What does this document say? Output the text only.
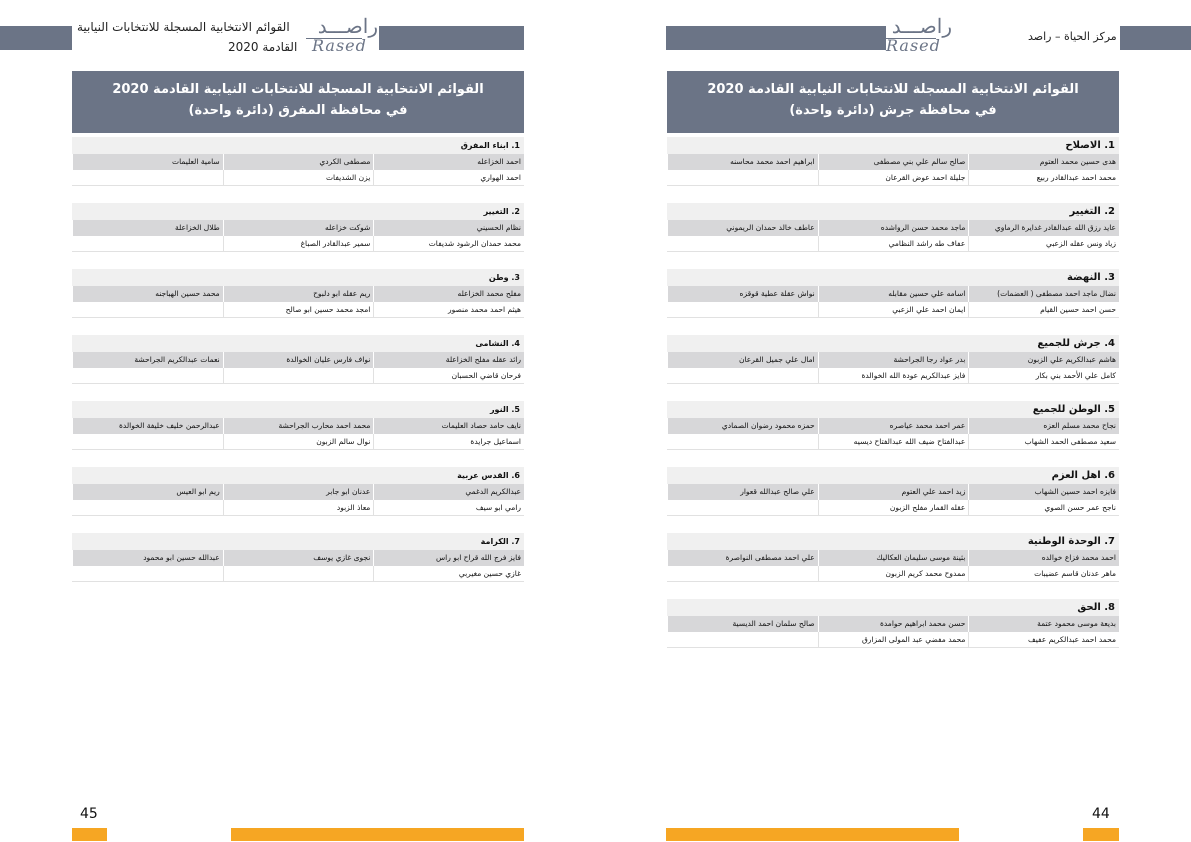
القوائم الانتخابية المسجلة للانتخابات النيابية
القادمة 2020
راصـــد
Rased
القوائم الانتخابية المسجلة للانتخابات النيابية القادمة 2020
في محافظة المفرق (دائرة واحدة)
1. ابناء المفرق
احمد الخزاعله
مصطفى الكردي
سامية العليمات
احمد الهواري
يزن الشديفات
2. التغيير
نظام الحسيني
شوكت خزاعله
طلال الخزاعلة
محمد حمدان الرشود شديفات
سمير عبدالقادر الصباغ
3. وطن
مفلح محمد الخزاعله
ريم عقله ابو دلبوح
محمد حسين الهباجنه
هيثم احمد محمد منصور
امجد محمد حسين ابو صالح
4. النشامى
رائد عقله مفلح الخزاعلة
نواف فارس عليان الخوالدة
نعمات عبدالكريم الجراحشة
فرحان قاضي الحسبان
5. النور
نايف حامد حصاد العليمات
محمد احمد محارب الجراحشة
عبدالرحمن خليف خليفة الخوالدة
اسماعيل جرايدة
نوال سالم الزبون
6. القدس عربية
عبدالكريم الدغمي
عدنان ابو جابر
ريم ابو العيس
رامي ابو سيف
معاذ الزبود
7. الكرامة
فايز فرج الله قراح ابو راس
نجوى غازي يوسف
عبدالله حسين ابو محمود
غازي حسين مغيربي
45
راصـــد
Rased	مركز الحياة – راصد
القوائم الانتخابية المسجلة للانتخابات النيابية القادمة 2020
في محافظة جرش (دائرة واحدة)
1. الاصلاح
هدى حسين محمد العتوم
صالح سالم علي بني مصطفى
ابراهيم احمد محمد محاسنه
محمد احمد عبدالقادر ربيع
جليلة احمد عوض القرعان
2. التغيير
عايد رزق الله عبدالقادر غدايرة الرماوي
ماجد محمد حسن الرواشده
عاطف خالد حمدان الريموني
زياد ونس عقله الزعبي
عفاف طه راشد النظامي
3. النهضة
نضال ماجد احمد مصطفى ( العضمات)
اسامه علي حسين مقابله
نواش عقلة عطية قوقزه
حسن احمد حسين القيام
ايمان احمد علي الزعبي
4. جرش للجميع
هاشم عبدالكريم علي الزبون
بدر عواد رجا الجراحشة
امال علي جميل القرعان
كامل علي الأحمد بني بكار
فايز عبدالكريم عودة الله الخوالدة
5. الوطن للجميع
نجاح محمد مسلم العزه
عمر احمد محمد عياصره
حمزه محمود رضوان الصمادي
سعيد مصطفى الحمد الشهاب
عبدالفتاح ضيف الله عبدالفتاح ديسيه
6. اهل العزم
فايزه احمد حسين الشهاب
زيد احمد علي العتوم
علي صالح عبدالله قعوار
ناجح عمر حسن الصوي
عقله القمار مفلح الزبون
7. الوحدة الوطنية
احمد محمد فزاع خوالده
بثينة موسى سليمان العكاليك
علي احمد مصطفى النواصرة
ماهر عدنان قاسم عضيبات
ممدوح محمد كريم الزبون
8. الحق
بديعة موسى محمود عتمة
حسن محمد ابراهيم حوامدة
صالح سلمان احمد الديسية
محمد احمد عبدالكريم عفيف
محمد مفضي عبد المولى المزارق
44
